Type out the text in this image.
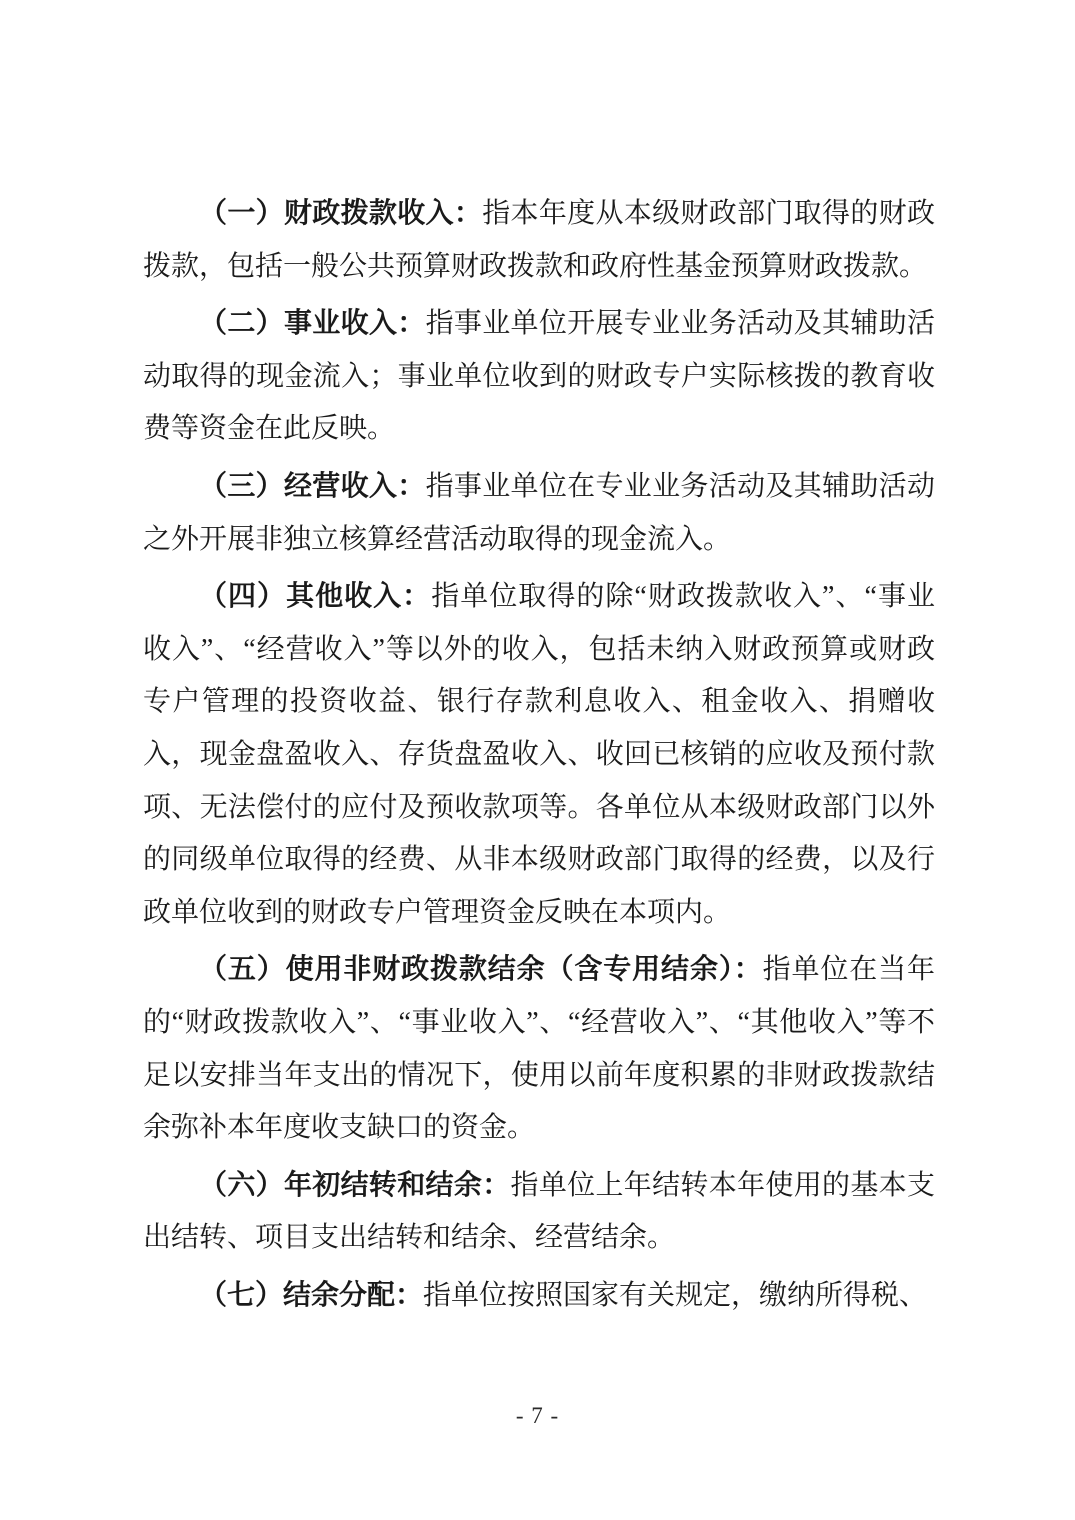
（一）财政拨款收入：指本年度从本级财政部门取得的财政拨款，包括一般公共预算财政拨款和政府性基金预算财政拨款。

（二）事业收入：指事业单位开展专业业务活动及其辅助活动取得的现金流入；事业单位收到的财政专户实际核拨的教育收费等资金在此反映。

（三）经营收入：指事业单位在专业业务活动及其辅助活动之外开展非独立核算经营活动取得的现金流入。

（四）其他收入：指单位取得的除“财政拨款收入”、“事业收入”、“经营收入”等以外的收入，包括未纳入财政预算或财政专户管理的投资收益、银行存款利息收入、租金收入、捐赠收入，现金盘盈收入、存货盘盈收入、收回已核销的应收及预付款项、无法偿付的应付及预收款项等。各单位从本级财政部门以外的同级单位取得的经费、从非本级财政部门取得的经费，以及行政单位收到的财政专户管理资金反映在本项内。

（五）使用非财政拨款结余（含专用结余）：指单位在当年的“财政拨款收入”、“事业收入”、“经营收入”、“其他收入”等不足以安排当年支出的情况下，使用以前年度积累的非财政拨款结余弥补本年度收支缺口的资金。

（六）年初结转和结余：指单位上年结转本年使用的基本支出结转、项目支出结转和结余、经营结余。

（七）结余分配：指单位按照国家有关规定，缴纳所得税、

- 7 -
